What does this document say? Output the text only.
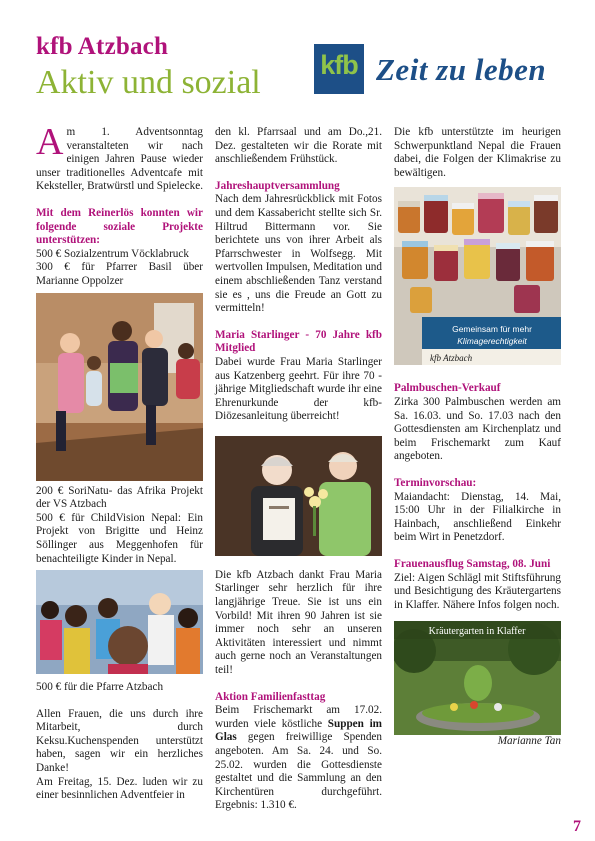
kfb Atzbach
Aktiv und sozial kfb Zeit zu leben

Am 1. Adventsonntag veranstalteten wir nach einigen Jahren Pause wieder unser traditionelles Adventcafe mit Keksteller, Bratwürstl und Spielecke.

Mit dem Reinerlös konnten wir folgende soziale Projekte unterstützen:

500 € Sozialzentrum Vöcklabruck

300 € für Pfarrer Basil über Marianne Oppolzer

200 € SoriNatu- das Afrika Projekt der VS Atzbach

500 € für ChildVision Nepal: Ein Projekt von Brigitte und Heinz Söllinger aus Meggenhofen für benachteiligte Kinder in Nepal.

500 € für die Pfarre Atzbach

Allen Frauen, die uns durch ihre Mitarbeit, durch Keksu.Kuchenspenden unterstützt haben, sagen wir ein herzliches Danke!

Am Freitag, 15. Dez. luden wir zu einer besinnlichen Adventfeier in

den kl. Pfarrsaal und am Do.,21. Dez. gestalteten wir die Rorate mit anschließendem Frühstück.

Jahreshauptversammlung

Nach dem Jahresrückblick mit Fotos und dem Kassabericht stellte sich Sr. Hiltrud Bittermann vor. Sie berichtete uns von ihrer Arbeit als Pfarrschwester in Wolfsegg. Mit wertvollen Impulsen, Meditation und einem abschließenden Tanz verstand sie es , uns die Freude an Gott zu vermitteln!

Maria Starlinger - 70 Jahre kfb Mitglied

Dabei wurde Frau Maria Starlinger aus Katzenberg geehrt. Für ihre 70 -jährige Mitgliedschaft wurde ihr eine Ehrenurkunde der kfb- Diözesanleitung überreicht!

Die kfb Atzbach dankt Frau Maria Starlinger sehr herzlich für ihre langjährige Treue. Sie ist uns ein Vorbild! Mit ihren 90 Jahren ist sie immer noch sehr an unseren Aktivitäten interessiert und nimmt auch gerne noch an Veranstaltungen teil!

Aktion Familienfasttag

Beim Frischemarkt am 17.02. wurden viele köstliche Suppen im Glas gegen freiwillige Spenden angeboten. Am Sa. 24. und So. 25.02. wurden die Gottesdienste gestaltet und die Sammlung an den Kirchentüren durchgeführt. Ergebnis: 1.310 €.

Die kfb unterstützte im heurigen Schwerpunktland Nepal die Frauen dabei, die Folgen der Klimakrise zu bewältigen.

Gemeinsam für mehr
Klimagerechtigkeit
kfb Atzbach

Palmbuschen-Verkauf

Zirka 300 Palmbuschen werden am Sa. 16.03. und So. 17.03 nach den Gottesdiensten am Kirchenplatz und beim Frischemarkt zum Kauf angeboten.

Terminvorschau:

Maiandacht: Dienstag, 14. Mai, 15:00 Uhr in der Filialkirche in Hainbach, anschließend Einkehr beim Wirt in Penetzdorf.

Frauenausflug Samstag, 08. Juni

Ziel: Aigen Schlägl mit Stiftsführung und Besichtigung des Kräutergartens in Klaffer. Nähere Infos folgen noch.

Kräutergarten in Klaffer

Marianne Tan

7
